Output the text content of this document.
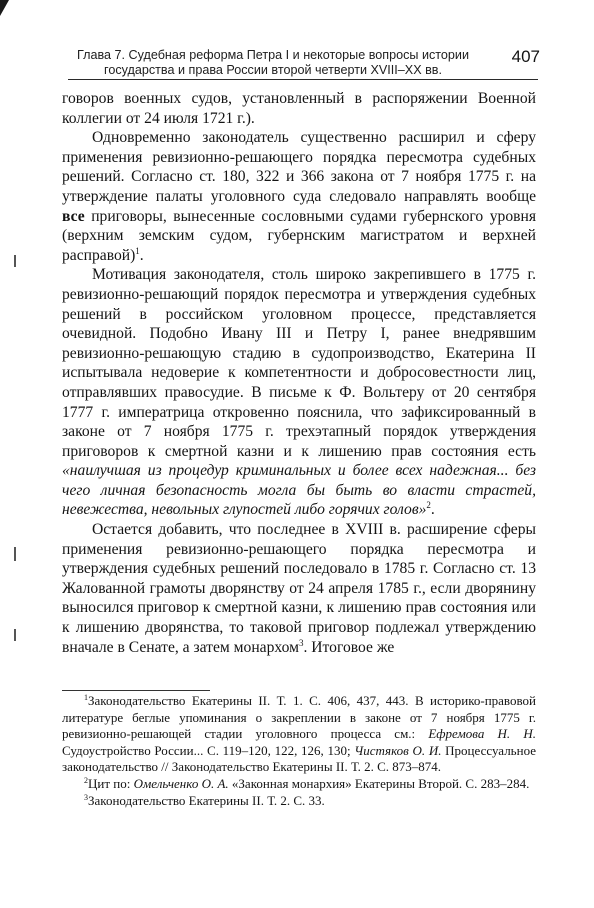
Глава 7. Судебная реформа Петра I и некоторые вопросы истории
государства и права России второй четверти XVIII–XX вв.
407

говоров военных судов, установленный в распоряжении Военной коллегии от 24 июля 1721 г.).

Одновременно законодатель существенно расширил и сферу применения ревизионно-решающего порядка пересмотра судебных решений. Согласно ст. 180, 322 и 366 закона от 7 ноября 1775 г. на утверждение палаты уголовного суда следовало направлять вообще все приговоры, вынесенные сословными судами губернского уровня (верхним земским судом, губернским магистратом и верхней расправой)$^1$.

Мотивация законодателя, столь широко закрепившего в 1775 г. ревизионно-решающий порядок пересмотра и утверждения судебных решений в российском уголовном процессе, представляется очевидной. Подобно Ивану III и Петру I, ранее внедрявшим ревизионно-решающую стадию в судопроизводство, Екатерина II испытывала недоверие к компетентности и добросовестности лиц, отправлявших правосудие. В письме к Ф. Вольтеру от 20 сентября 1777 г. императрица откровенно пояснила, что зафиксированный в законе от 7 ноября 1775 г. трехэтапный порядок утверждения приговоров к смертной казни и к лишению прав состояния есть «наилучшая из процедур криминальных и более всех надежная... без чего личная безопасность могла бы быть во власти страстей, невежества, невольных глупостей либо горячих голов»$^2$.

Остается добавить, что последнее в XVIII в. расширение сферы применения ревизионно-решающего порядка пересмотра и утверждения судебных решений последовало в 1785 г. Согласно ст. 13 Жалованной грамоты дворянству от 24 апреля 1785 г., если дворянину выносился приговор к смертной казни, к лишению прав состояния или к лишению дворянства, то таковой приговор подлежал утверждению вначале в Сенате, а затем монархом$^3$. Итоговое же

$^1$Законодательство Екатерины II. Т. 1. С. 406, 437, 443. В историко-правовой литературе беглые упоминания о закреплении в законе от 7 ноября 1775 г. ревизионно-решающей стадии уголовного процесса см.: Ефремова Н. Н. Судоустройство России... С. 119–120, 122, 126, 130; Чистяков О. И. Процессуальное законодательство // Законодательство Екатерины II. Т. 2. С. 873–874.

$^2$Цит по: Омельченко О. А. «Законная монархия» Екатерины Второй. С. 283–284.

$^3$Законодательство Екатерины II. Т. 2. С. 33.
